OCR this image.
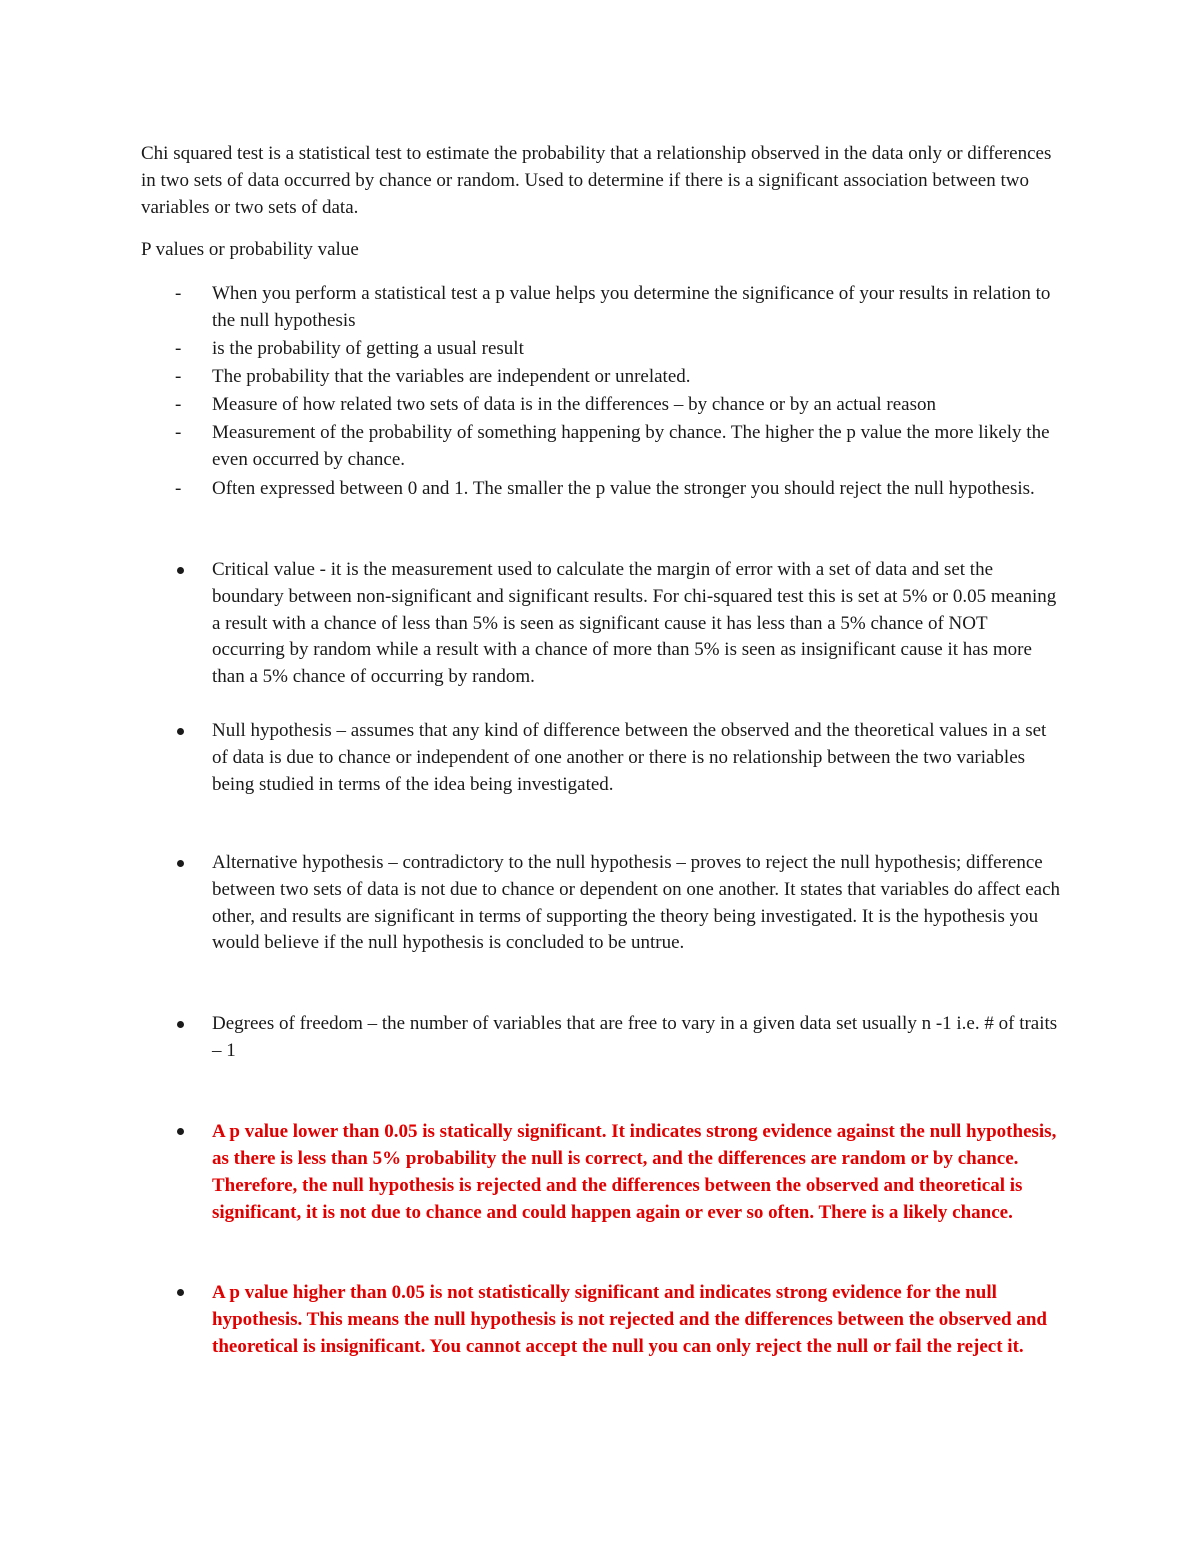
Chi squared test is a statistical test to estimate the probability that a relationship observed in the data only or differences in two sets of data occurred by chance or random. Used to determine if there is a significant association between two variables or two sets of data.

P values or probability value

-	When you perform a statistical test a p value helps you determine the significance of your results in relation to the null hypothesis

-	is the probability of getting a usual result

-	The probability that the variables are independent or unrelated.

-	Measure of how related two sets of data is in the differences – by chance or by an actual reason

-	Measurement of the probability of something happening by chance. The higher the p value the more likely the even occurred by chance.

-	Often expressed between 0 and 1. The smaller the p value the stronger you should reject the null hypothesis.

Critical value - it is the measurement used to calculate the margin of error with a set of data and set the boundary between non-significant and significant results. For chi-squared test this is set at 5% or 0.05 meaning a result with a chance of less than 5% is seen as significant cause it has less than a 5% chance of NOT occurring by random while a result with a chance of more than 5% is seen as insignificant cause it has more than a 5% chance of occurring by random.

Null hypothesis – assumes that any kind of difference between the observed and the theoretical values in a set of data is due to chance or independent of one another or there is no relationship between the two variables being studied in terms of the idea being investigated.

Alternative hypothesis – contradictory to the null hypothesis – proves to reject the null hypothesis; difference between two sets of data is not due to chance or dependent on one another. It states that variables do affect each other, and results are significant in terms of supporting the theory being investigated. It is the hypothesis you would believe if the null hypothesis is concluded to be untrue.

Degrees of freedom – the number of variables that are free to vary in a given data set usually n -1 i.e. # of traits – 1

A p value lower than 0.05 is statically significant. It indicates strong evidence against the null hypothesis, as there is less than 5% probability the null is correct, and the differences are random or by chance. Therefore, the null hypothesis is rejected and the differences between the observed and theoretical is significant, it is not due to chance and could happen again or ever so often. There is a likely chance.

A p value higher than 0.05 is not statistically significant and indicates strong evidence for the null hypothesis. This means the null hypothesis is not rejected and the differences between the observed and theoretical is insignificant. You cannot accept the null you can only reject the null or fail the reject it.
